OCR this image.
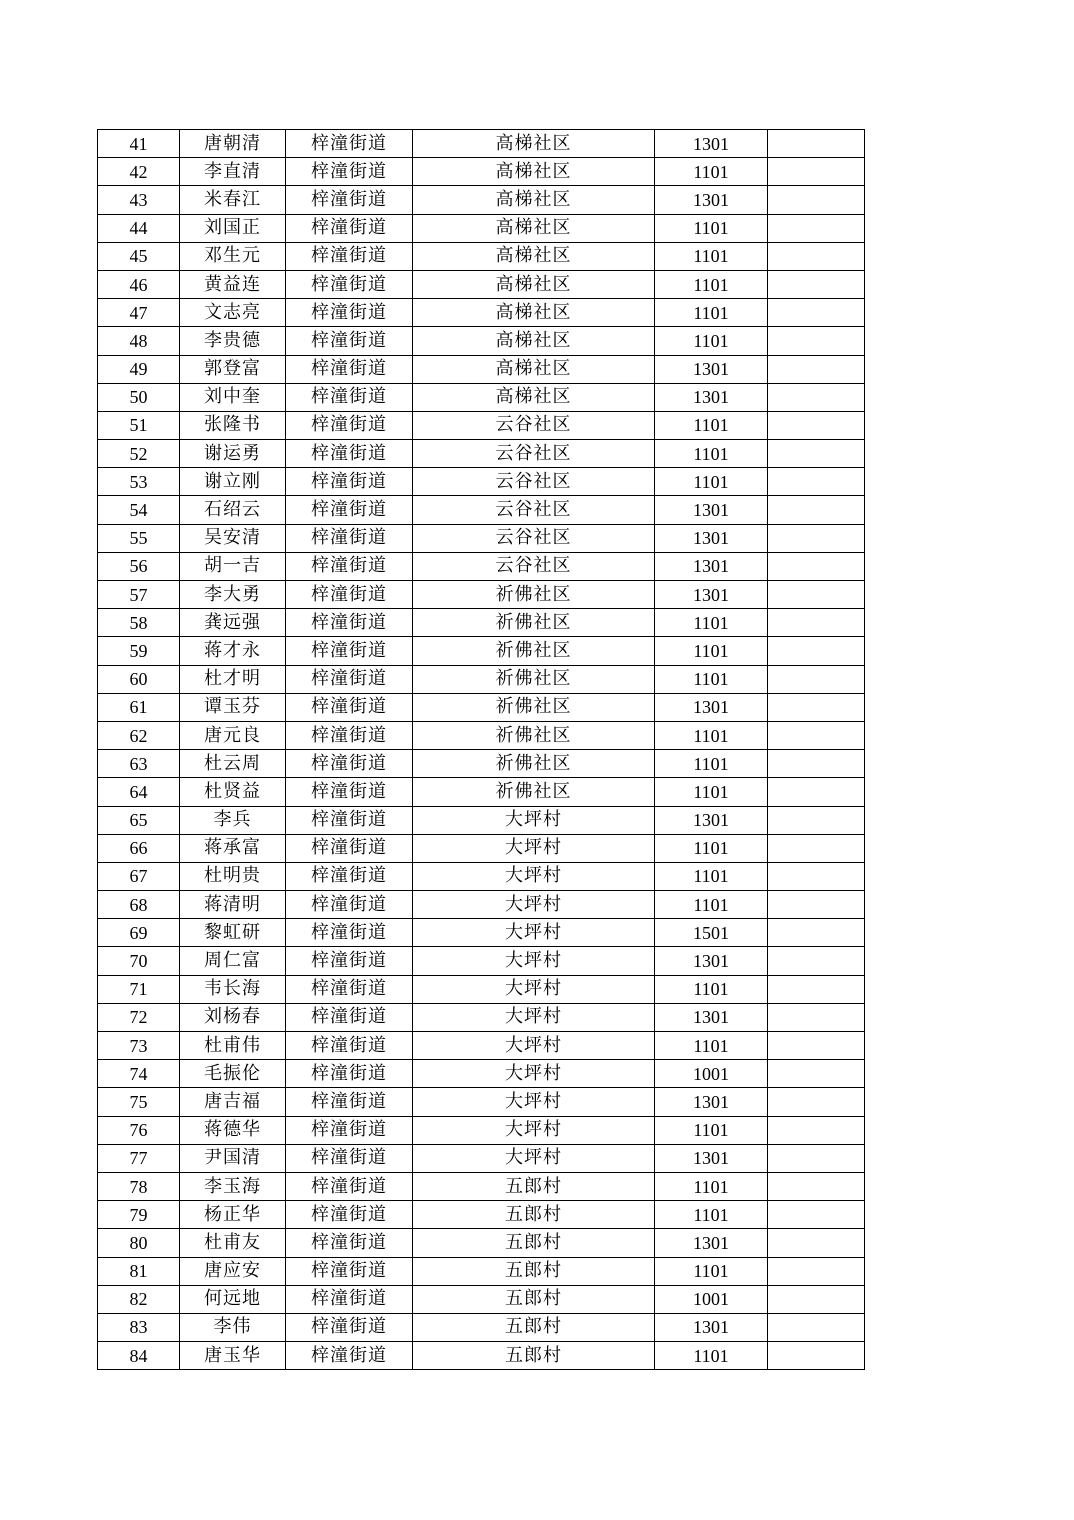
41	唐朝清	梓潼街道	高梯社区	1301	
42	李直清	梓潼街道	高梯社区	1101	
43	米春江	梓潼街道	高梯社区	1301	
44	刘国正	梓潼街道	高梯社区	1101	
45	邓生元	梓潼街道	高梯社区	1101	
46	黄益连	梓潼街道	高梯社区	1101	
47	文志亮	梓潼街道	高梯社区	1101	
48	李贵德	梓潼街道	高梯社区	1101	
49	郭登富	梓潼街道	高梯社区	1301	
50	刘中奎	梓潼街道	高梯社区	1301	
51	张隆书	梓潼街道	云谷社区	1101	
52	谢运勇	梓潼街道	云谷社区	1101	
53	谢立刚	梓潼街道	云谷社区	1101	
54	石绍云	梓潼街道	云谷社区	1301	
55	吴安清	梓潼街道	云谷社区	1301	
56	胡一吉	梓潼街道	云谷社区	1301	
57	李大勇	梓潼街道	祈佛社区	1301	
58	龚远强	梓潼街道	祈佛社区	1101	
59	蒋才永	梓潼街道	祈佛社区	1101	
60	杜才明	梓潼街道	祈佛社区	1101	
61	谭玉芬	梓潼街道	祈佛社区	1301	
62	唐元良	梓潼街道	祈佛社区	1101	
63	杜云周	梓潼街道	祈佛社区	1101	
64	杜贤益	梓潼街道	祈佛社区	1101	
65	李兵	梓潼街道	大坪村	1301	
66	蒋承富	梓潼街道	大坪村	1101	
67	杜明贵	梓潼街道	大坪村	1101	
68	蒋清明	梓潼街道	大坪村	1101	
69	黎虹研	梓潼街道	大坪村	1501	
70	周仁富	梓潼街道	大坪村	1301	
71	韦长海	梓潼街道	大坪村	1101	
72	刘杨春	梓潼街道	大坪村	1301	
73	杜甫伟	梓潼街道	大坪村	1101	
74	毛振伦	梓潼街道	大坪村	1001	
75	唐吉福	梓潼街道	大坪村	1301	
76	蒋德华	梓潼街道	大坪村	1101	
77	尹国清	梓潼街道	大坪村	1301	
78	李玉海	梓潼街道	五郎村	1101	
79	杨正华	梓潼街道	五郎村	1101	
80	杜甫友	梓潼街道	五郎村	1301	
81	唐应安	梓潼街道	五郎村	1101	
82	何远地	梓潼街道	五郎村	1001	
83	李伟	梓潼街道	五郎村	1301	
84	唐玉华	梓潼街道	五郎村	1101	
